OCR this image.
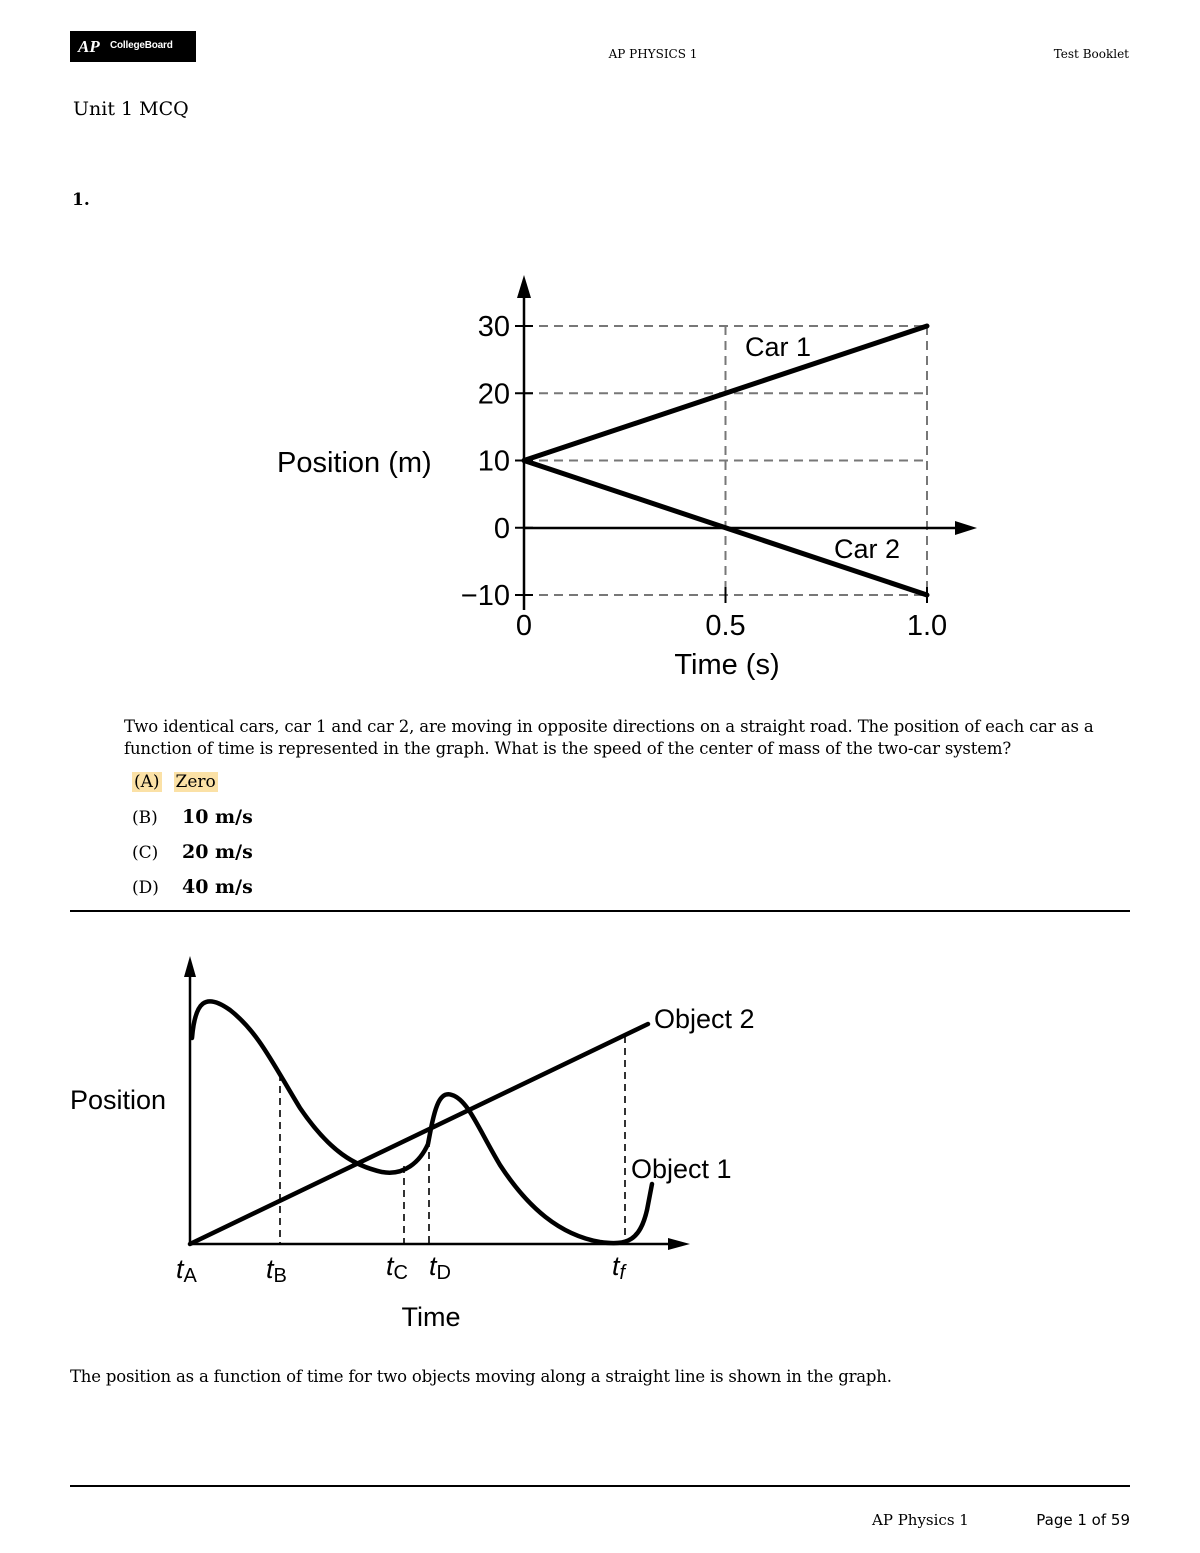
AP CollegeBoard
AP PHYSICS 1	Test Booklet
Unit 1 MCQ
1.
30
20
10
0
−10
0	0.5	1.0
Position (m)
Time (s)
Car 1
Car 2
Two identical cars, car 1 and car 2, are moving in opposite directions on a straight road. The position of each car as a function of time is represented in the graph. What is the speed of the center of mass of the two-car system?
(A) Zero
(B) 10 m/s
(C) 20 m/s
(D) 40 m/s
Position
Time
Object 2
Object 1
tA	tB	tC tD	tf
The position as a function of time for two objects moving along a straight line is shown in the graph.
AP Physics 1	Page 1 of 59
